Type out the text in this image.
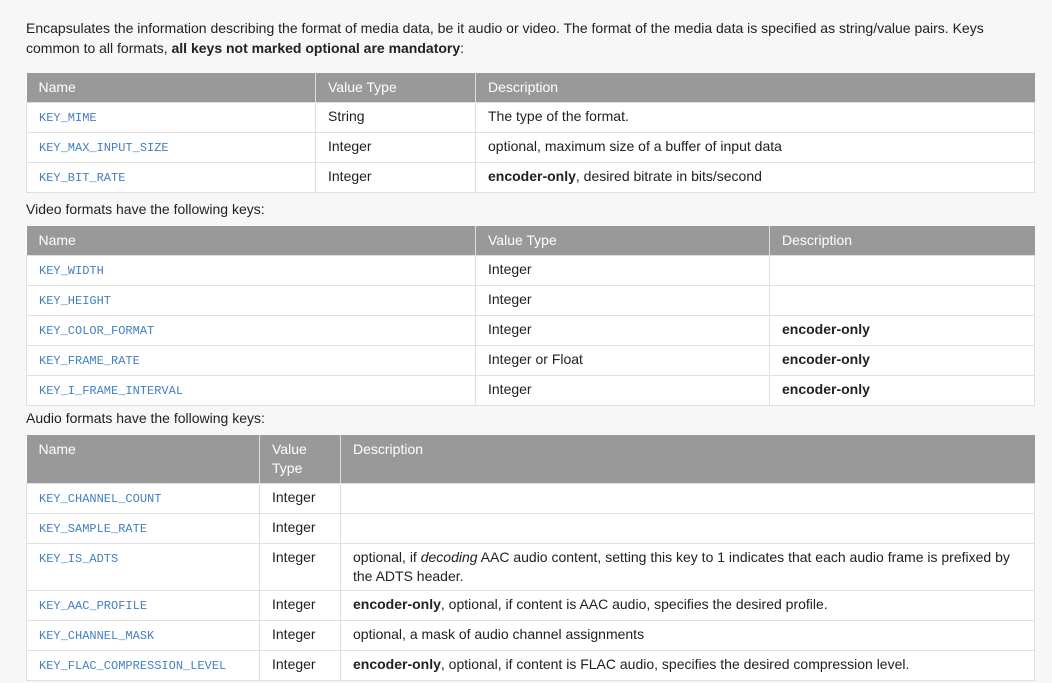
Encapsulates the information describing the format of media data, be it audio or video. The format of the media data is specified as string/value pairs. Keys common to all formats, all keys not marked optional are mandatory:

Name	Value Type	Description
KEY_MIME	String	The type of the format.
KEY_MAX_INPUT_SIZE	Integer	optional, maximum size of a buffer of input data
KEY_BIT_RATE	Integer	encoder-only, desired bitrate in bits/second

Video formats have the following keys:

Name	Value Type	Description
KEY_WIDTH	Integer	
KEY_HEIGHT	Integer	
KEY_COLOR_FORMAT	Integer	encoder-only
KEY_FRAME_RATE	Integer or Float	encoder-only
KEY_I_FRAME_INTERVAL	Integer	encoder-only

Audio formats have the following keys:

Name	Value Type	Description
KEY_CHANNEL_COUNT	Integer	
KEY_SAMPLE_RATE	Integer	
KEY_IS_ADTS	Integer	optional, if decoding AAC audio content, setting this key to 1 indicates that each audio frame is prefixed by the ADTS header.
KEY_AAC_PROFILE	Integer	encoder-only, optional, if content is AAC audio, specifies the desired profile.
KEY_CHANNEL_MASK	Integer	optional, a mask of audio channel assignments
KEY_FLAC_COMPRESSION_LEVEL	Integer	encoder-only, optional, if content is FLAC audio, specifies the desired compression level.
